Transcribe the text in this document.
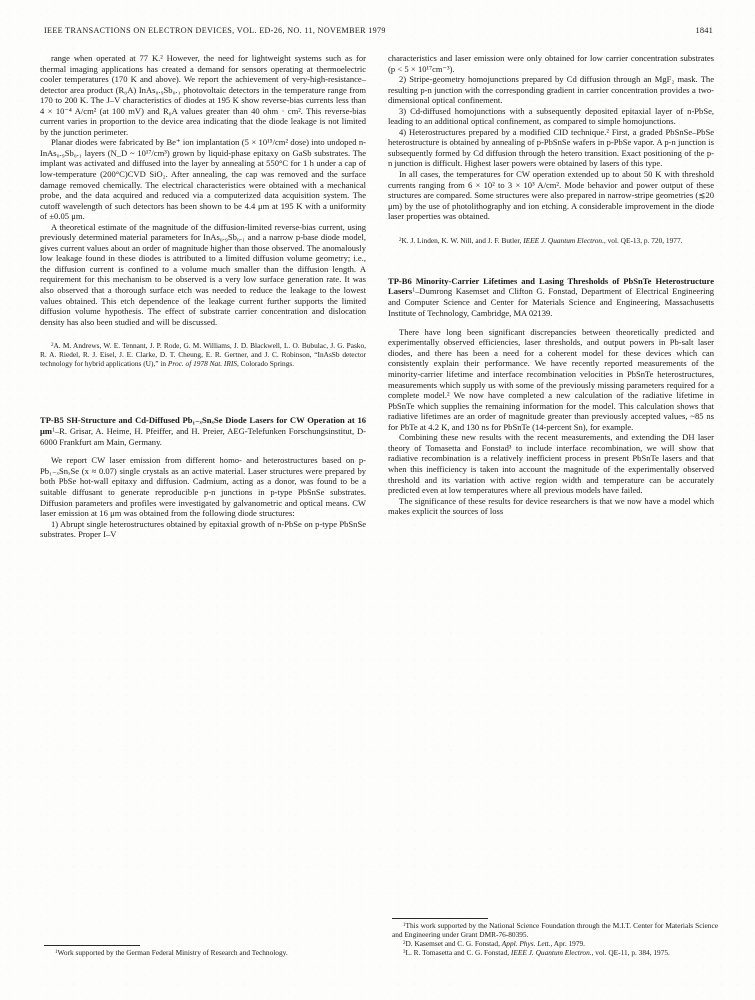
IEEE TRANSACTIONS ON ELECTRON DEVICES, VOL. ED-26, NO. 11, NOVEMBER 1979	1841

range when operated at 77 K.² However, the need for lightweight systems such as for thermal imaging applications has created a demand for sensors operating at thermoelectric cooler temperatures (170 K and above). We report the achievement of very-high-resistance–detector area product (R₀A) InAs₀.₉Sb₀.₁ photovoltaic detectors in the temperature range from 170 to 200 K. The J–V characteristics of diodes at 195 K show reverse-bias currents less than 4 × 10⁻⁴ A/cm² (at 100 mV) and R₀A values greater than 40 ohm · cm². This reverse-bias current varies in proportion to the device area indicating that the diode leakage is not limited by the junction perimeter.

Planar diodes were fabricated by Be⁺ ion implantation (5 × 10¹⁵/cm² dose) into undoped n-InAs₀.₉Sb₀.₁ layers (N_D ~ 10¹⁷/cm³) grown by liquid-phase epitaxy on GaSb substrates. The implant was activated and diffused into the layer by annealing at 550°C for 1 h under a cap of low-temperature (200°C)CVD SiO₂. After annealing, the cap was removed and the surface damage removed chemically. The electrical characteristics were obtained with a mechanical probe, and the data acquired and reduced via a computerized data acquisition system. The cutoff wavelength of such detectors has been shown to be 4.4 μm at 195 K with a uniformity of ±0.05 μm.

A theoretical estimate of the magnitude of the diffusion-limited reverse-bias current, using previously determined material parameters for InAs₀.₉Sb₀.₁ and a narrow p-base diode model, gives current values about an order of magnitude higher than those observed. The anomalously low leakage found in these diodes is attributed to a limited diffusion volume geometry; i.e., the diffusion current is confined to a volume much smaller than the diffusion length. A requirement for this mechanism to be observed is a very low surface generation rate. It was also observed that a thorough surface etch was needed to reduce the leakage to the lowest values obtained. This etch dependence of the leakage current further supports the limited diffusion volume hypothesis. The effect of substrate carrier concentration and dislocation density has also been studied and will be discussed.

$^2$A. M. Andrews, W. E. Tennant, J. P. Rode, G. M. Williams, J. D. Blackwell, L. O. Bubulac, J. G. Pasko, R. A. Riedel, R. J. Eisel, J. E. Clarke, D. T. Cheung, E. R. Gertner, and J. C. Robinson, “InAsSb detector technology for hybrid applications (U),” in Proc. of 1978 Nat. IRIS, Colorado Springs.

TP-B5 SH-Structure and Cd-Diffused Pb₁₋ₓSnₓSe Diode Lasers for CW Operation at 16 $\mu m^1-R$. Grisar, A. Heime, H. Pfeiffer, and H. Preier, AEG-Telefunken Forschungsinstitut, D-6000 Frankfurt am Main, Germany.

We report CW laser emission from different homo- and heterostructures based on p-Pb₁₋ₓSnₓSe (x ≈ 0.07) single crystals as an active material. Laser structures were prepared by both PbSe hot-wall epitaxy and diffusion. Cadmium, acting as a donor, was found to be a suitable diffusant to generate reproducible p-n junctions in p-type PbSnSe substrates. Diffusion parameters and profiles were investigated by galvanometric and optical means. CW laser emission at 16 μm was obtained from the following diode structures:

1) Abrupt single heterostructures obtained by epitaxial growth of n-PbSe on p-type PbSnSe substrates. Proper I–V

$^1$Work supported by the German Federal Ministry of Research and Technology.

characteristics and laser emission were only obtained for low carrier concentration substrates (p < 5 × 10¹⁷cm⁻³).

2) Stripe-geometry homojunctions prepared by Cd diffusion through an MgF₂ mask. The resulting p-n junction with the corresponding gradient in carrier concentration provides a two-dimensional optical confinement.

3) Cd-diffused homojunctions with a subsequently deposited epitaxial layer of n-PbSe, leading to an additional optical confinement, as compared to simple homojunctions.

4) Heterostructures prepared by a modified CID technique.² First, a graded PbSnSe–PbSe heterostructure is obtained by annealing of p-PbSnSe wafers in p-PbSe vapor. A p-n junction is subsequently formed by Cd diffusion through the hetero transition. Exact positioning of the p-n junction is difficult. Highest laser powers were obtained by lasers of this type.

In all cases, the temperatures for CW operation extended up to about 50 K with threshold currents ranging from 6 × 10² to 3 × 10³ A/cm². Mode behavior and power output of these structures are compared. Some structures were also prepared in narrow-stripe geometries (≲20 μm) by the use of photolithography and ion etching. A considerable improvement in the diode laser properties was obtained.

$^2$K. J. Linden, K. W. Nill, and J. F. Butler, IEEE J. Quantum Electron., vol. QE-13, p. 720, 1977.

TP-B6 Minority-Carrier Lifetimes and Lasing Thresholds of PbSnTe Heterostructure Lasers$^1$–Dumrong Kasemset and Clifton G. Fonstad, Department of Electrical Engineering and Computer Science and Center for Materials Science and Engineering, Massachusetts Institute of Technology, Cambridge, MA 02139.

There have long been significant discrepancies between theoretically predicted and experimentally observed efficiencies, laser thresholds, and output powers in Pb-salt laser diodes, and there has been a need for a coherent model for these devices which can consistently explain their performance. We have recently reported measurements of the minority-carrier lifetime and interface recombination velocities in PbSnTe heterostructures, measurements which supply us with some of the previously missing parameters required for a complete model.² We now have completed a new calculation of the radiative lifetime in PbSnTe which supplies the remaining information for the model. This calculation shows that radiative lifetimes are an order of magnitude greater than previously accepted values, ~85 ns for PbTe at 4.2 K, and 130 ns for PbSnTe (14-percent Sn), for example.

Combining these new results with the recent measurements, and extending the DH laser theory of Tomasetta and Fonstad³ to include interface recombination, we will show that radiative recombination is a relatively inefficient process in present PbSnTe lasers and that when this inefficiency is taken into account the magnitude of the experimentally observed threshold and its variation with active region width and temperature can be accurately predicted even at low temperatures where all previous models have failed.

The significance of these results for device researchers is that we now have a model which makes explicit the sources of loss

$^1$This work supported by the National Science Foundation through the M.I.T. Center for Materials Science and Engineering under Grant DMR-76-80395.

$^2$D. Kasemset and C. G. Fonstad, Appl. Phys. Lett., Apr. 1979.

$^3$L. R. Tomasetta and C. G. Fonstad, IEEE J. Quantum Electron., vol. QE-11, p. 384, 1975.
